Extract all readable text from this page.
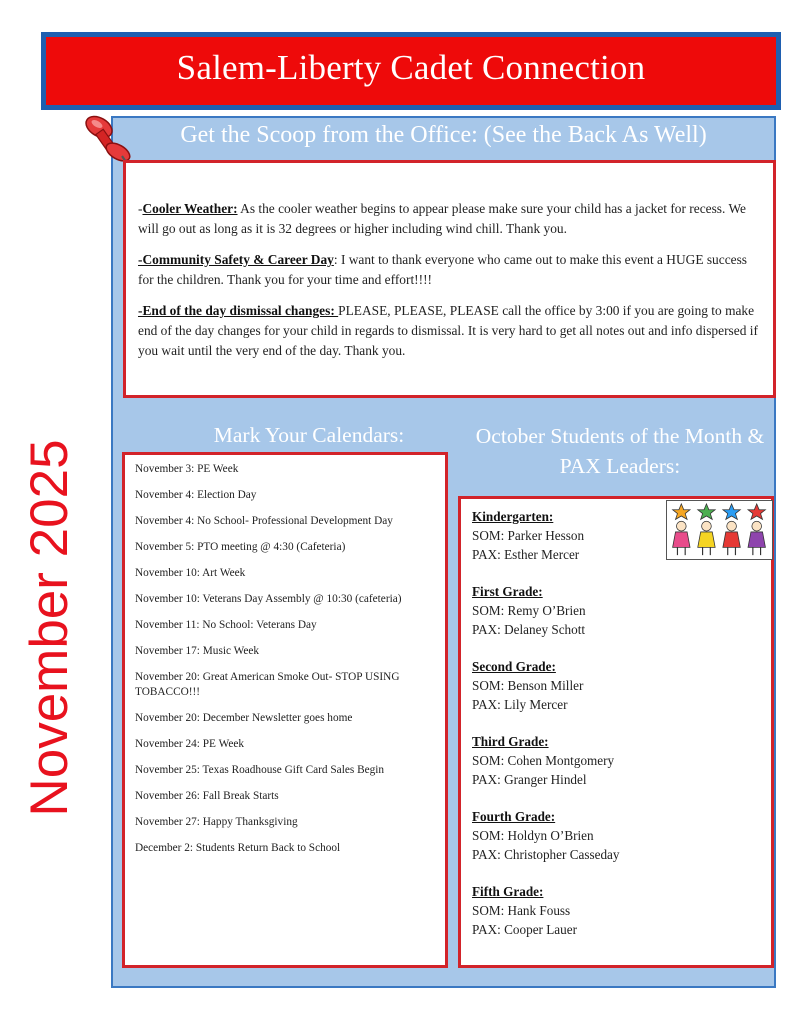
Salem-Liberty Cadet Connection
November 2025
Get the Scoop from the Office: (See the Back As Well)

-Cooler Weather: As the cooler weather begins to appear please make sure your child has a jacket for recess. We will go out as long as it is 32 degrees or higher including wind chill. Thank you.

-Community Safety & Career Day: I want to thank everyone who came out to make this event a HUGE success for the children. Thank you for your time and effort!!!!

-End of the day dismissal changes: PLEASE, PLEASE, PLEASE call the office by 3:00 if you are going to make end of the day changes for your child in regards to dismissal. It is very hard to get all notes out and info dispersed if you wait until the very end of the day. Thank you.

Mark Your Calendars:
November 3: PE Week
November 4: Election Day
November 4: No School- Professional Development Day
November 5: PTO meeting @ 4:30 (Cafeteria)
November 10: Art Week
November 10: Veterans Day Assembly @ 10:30 (cafeteria)
November 11: No School: Veterans Day
November 17: Music Week
November 20: Great American Smoke Out- STOP USING TOBACCO!!!
November 20: December Newsletter goes home
November 24: PE Week
November 25: Texas Roadhouse Gift Card Sales Begin
November 26: Fall Break Starts
November 27: Happy Thanksgiving
December 2: Students Return Back to School
October Students of the Month & PAX Leaders:
Kindergarten:
SOM: Parker Hesson
PAX: Esther Mercer
First Grade:
SOM: Remy O’Brien
PAX: Delaney Schott
Second Grade:
SOM: Benson Miller
PAX: Lily Mercer
Third Grade:
SOM: Cohen Montgomery
PAX: Granger Hindel
Fourth Grade:
SOM: Holdyn O’Brien
PAX: Christopher Casseday
Fifth Grade:
SOM: Hank Fouss
PAX: Cooper Lauer
